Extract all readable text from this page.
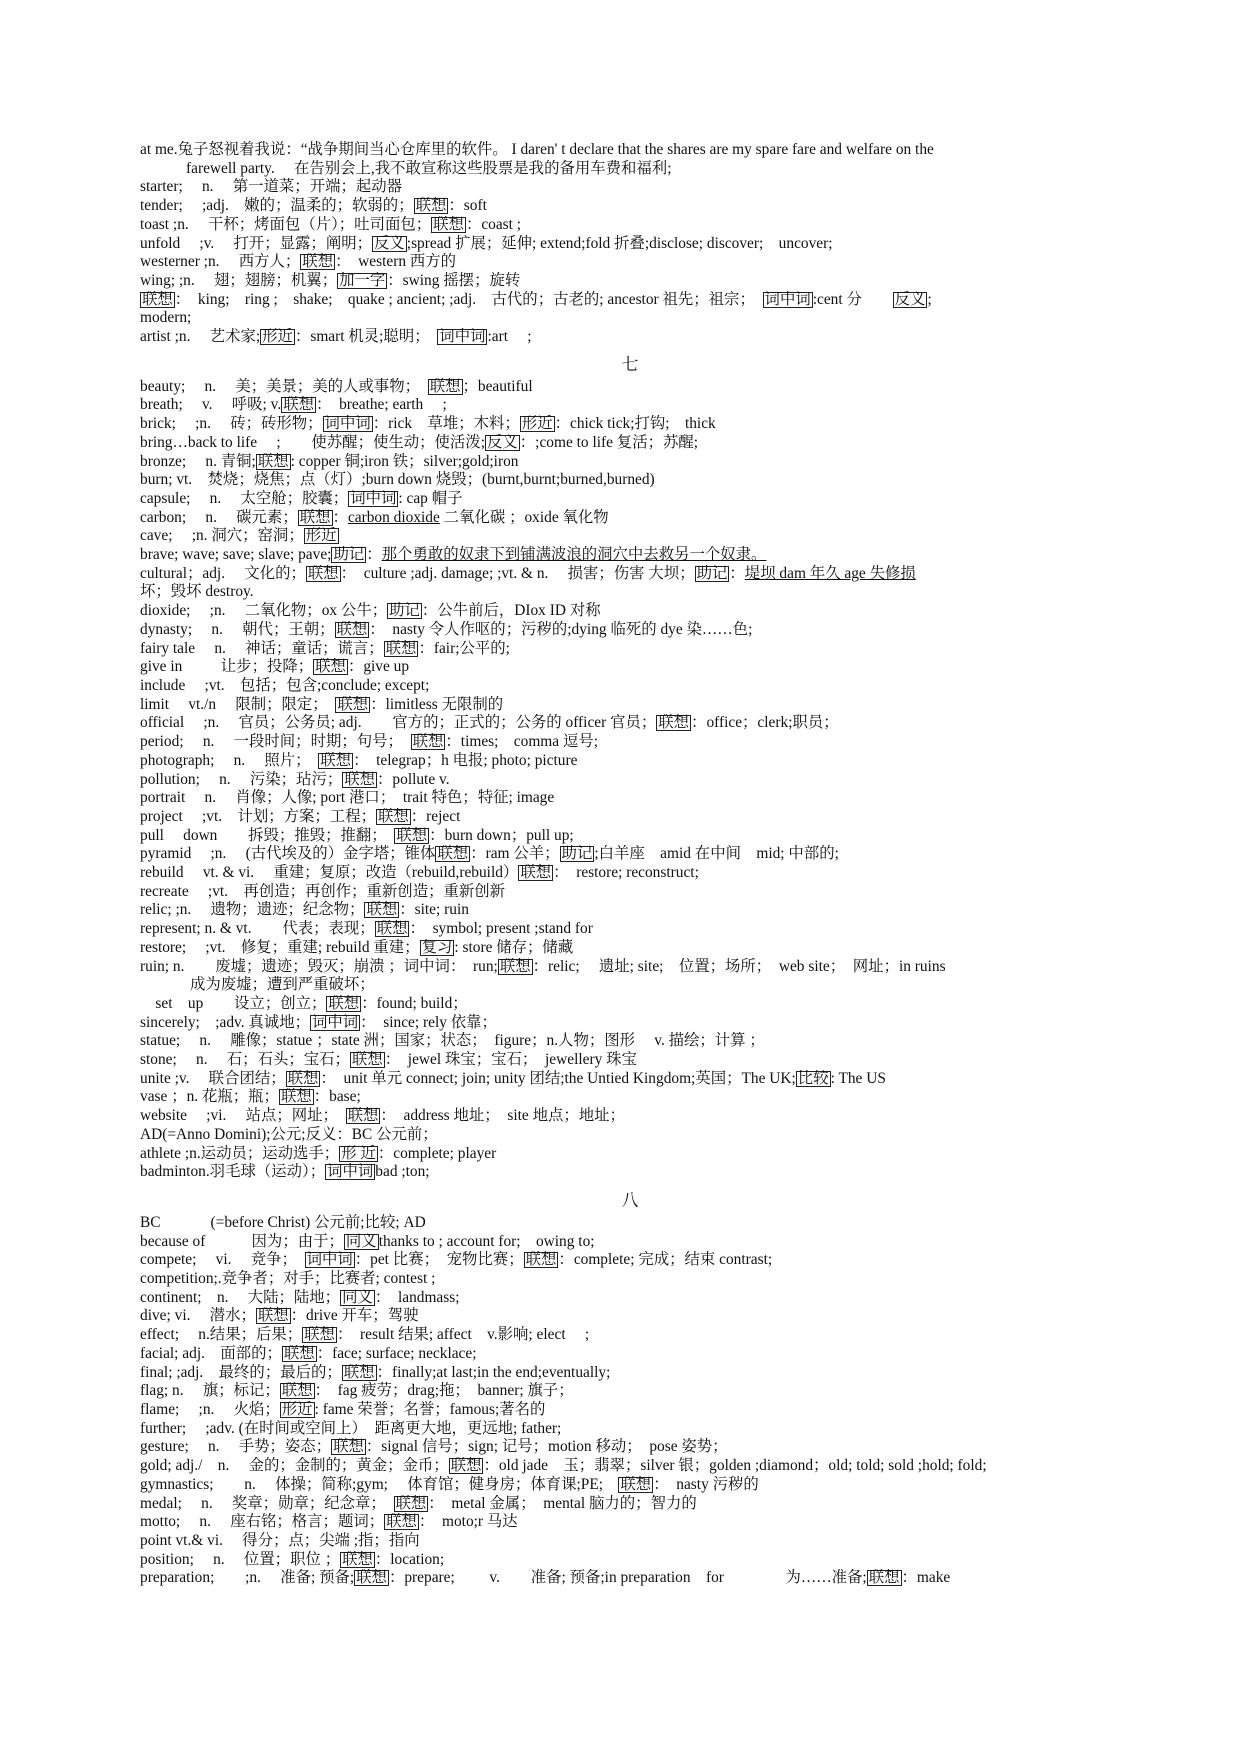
at me.兔子怒视着我说：“战争期间当心仓库里的软件。 I daren' t declare that the shares are my spare fare and welfare on the
farewell party.　 在告别会上,我不敢宣称这些股票是我的备用车费和福利;
starter;　 n.　 第一道菜；开端；起动器
tender;　 ;adj.　嫩的；温柔的；软弱的； 联想 ：soft
toast ;n.　 干杯；烤面包（片）；吐司面包； 联想 ：coast ;
unfold　 ;v.　 打开；显露；阐明； 反义 ;spread 扩展；延伸; extend;fold 折叠;disclose; discover;　uncover;
westerner ;n.　 西方人； 联想 ：　western 西方的
wing; ;n.　 翅；翅膀；机翼； 加一字 ：swing 摇摆；旋转
联想 ：　king;　ring ;　shake;　quake ; ancient; ;adj.　古代的；古老的; ancestor 祖先；祖宗；　词中词 :cent 分　　反义 ;
modern;
artist ;n.　 艺术家; 形近 ：smart 机灵;聪明；　词中词 :art　 ;
七
beauty;　 n.　 美；美景；美的人或事物；　联想 ；beautiful
breath;　 v.　 呼吸; v. 联想 ：　breathe; earth　 ;
brick;　 ;n.　 砖；砖形物； 词中词 ：rick　草堆；木料； 形近 ：chick tick;打钩;　thick
bring…back to life　 ;　　使苏醒；使生动；使活泼; 反义 ：;come to life 复活；苏醒;
bronze;　 n. 青铜; 联想 : copper 铜;iron 铁；silver;gold;iron
burn; vt.　焚烧；烧焦；点（灯）;burn down 烧毁；(burnt,burnt;burned,burned)
capsule;　 n.　 太空舱；胶囊； 词中词 : cap 帽子
carbon;　 n.　 碳元素； 联想 ：carbon dioxide 二氧化碳 ；oxide 氧化物
cave;　 ;n. 洞穴；窑洞； 形近
brave; wave; save; slave; pave; 助记 ：那个勇敢的奴隶下到铺满波浪的洞穴中去救另一个奴隶。
cultural；adj.　 文化的； 联想 ：　culture ;adj. damage; ;vt. & n.　 损害；伤害 大坝； 助记 ：堤坝 dam 年久 age 失修损
坏；毁坏 destroy.
dioxide;　 ;n.　 二氧化物；ox 公牛； 助记 ：公牛前后，DIox ID 对称
dynasty;　 n.　 朝代；王朝； 联想 ：　nasty 令人作呕的；污秽的;dying 临死的 dye 染……色;
fairy tale　 n.　 神话；童话；谎言； 联想 ：fair;公平的;
give in　 　 让步；投降； 联想 ：give up
include　 ;vt.　包括；包含;conclude; except;
limit　 vt./n　 限制；限定；　联想 ：limitless 无限制的
official　 ;n.　 官员；公务员; adj.　　官方的；正式的；公务的 officer 官员； 联想 ：office；clerk;职员；
period;　 n.　 一段时间；时期；句号；　联想 ：times;　comma 逗号;
photograph;　 n.　 照片；　联想 ：　telegrap；h 电报; photo; picture
pollution;　 n.　 污染；玷污； 联想 ：pollute v.
portrait　 n.　 肖像；人像; port 港口；　trait 特色；特征; image
project　 ;vt.　计划；方案；工程； 联想 ：reject
pull　 down　　拆毁；推毁；推翻；　联想 ：burn down；pull up;
pyramid　 ;n.　 (古代埃及的）金字塔；锥体 联想 ：ram 公羊； 助记 ;白羊座　amid 在中间　mid; 中部的;
rebuild　 vt. & vi.　 重建；复原；改造（rebuild,rebuild） 联想 ：　restore; reconstruct;
recreate　 ;vt.　再创造；再创作；重新创造；重新创新
relic; ;n.　 遗物；遗迹；纪念物； 联想 ：site; ruin
represent; n. & vt.　　代表；表现； 联想 ：　symbol; present ;stand for
restore;　 ;vt.　修复；重建; rebuild 重建； 复习 : store 储存；储藏
ruin; n.　　废墟；遗迹；毁灭；崩溃 ；词中词：　run; 联想 ：relic;　 遗址; site;　位置；场所；　web site；　网址；in ruins
成为废墟；遭到严重破坏；
　set　up　　设立；创立； 联想 ：found; build；
sincerely;　;adv. 真诚地； 词中词 ：　since; rely 依靠；
statue;　 n.　 雕像；statue ；state 洲；国家；状态；　figure；n.人物；图形　 v. 描绘；计算 ；
stone;　 n.　 石；石头；宝石； 联想 ：　jewel 珠宝；宝石；　jewellery 珠宝
unite ;v.　 联合团结； 联想 ：　unit 单元 connect; join; unity 团结;the Untied Kingdom;英国；The UK; 比较 : The US
vase ；n. 花瓶；瓶； 联想 ：base;
website　 ;vi.　 站点；网址；　联想 ：　address 地址；　site 地点；地址；
AD(=Anno Domini);公元;反义：BC 公元前；
athlete ;n.运动员；运动选手； 形 近 ：complete; player
badminton.羽毛球（运动）； 词中词 bad ;ton;
八
BC　　　 (=before Christ) 公元前;比较; AD
because of　　　因为；由于； 同义 thanks to ; account for;　owing to;
compete;　 vi.　 竞争；　词中词 ：pet 比赛；　宠物比赛； 联想 ：complete; 完成；结束 contrast;
competition;.竞争者；对手；比赛者; contest ;
continent;　n.　 大陆；陆地； 同义 ：　landmass;
dive; vi.　 潜水； 联想 ：drive 开车；驾驶
effect;　 n.结果；后果； 联想 ：　result 结果; affect　v.影响; elect　 ;
facial; adj.　面部的； 联想 ：face; surface; necklace;
final; ;adj.　最终的；最后的； 联想 ：finally;at last;in the end;eventually;
flag; n.　 旗；标记； 联想 ：　fag 疲劳；drag;拖；　banner; 旗子；
flame;　 ;n.　 火焰； 形近 : fame 荣誉；名誉；famous;著名的
further;　 ;adv. (在时间或空间上）　距离更大地，更远地; father;
gesture;　 n.　 手势；姿态； 联想 ：signal 信号；sign; 记号；motion 移动；　pose 姿势；
gold; adj./　n.　 金的；金制的；黄金；金币； 联想 ：old jade　玉；翡翠；silver 银；golden ;diamond；old; told; sold ;hold; fold;
gymnastics;　　n.　 体操；简称;gym;　 体育馆；健身房；体育课;PE;　联想 ：　nasty 污秽的
medal;　 n.　 奖章；勋章；纪念章；　联想 ：　metal 金属；　mental 脑力的；智力的
motto;　 n.　 座右铭；格言；题词； 联想 ：　moto;r 马达
point vt.& vi.　 得分；点；尖端 ;指；指向
position;　 n.　 位置；职位 ； 联想 ：location;
preparation;　　;n.　 准备; 预备; 联想 ：prepare;　　 v.　　准备; 预备;in preparation　for　　　　为……准备; 联想 ：make
